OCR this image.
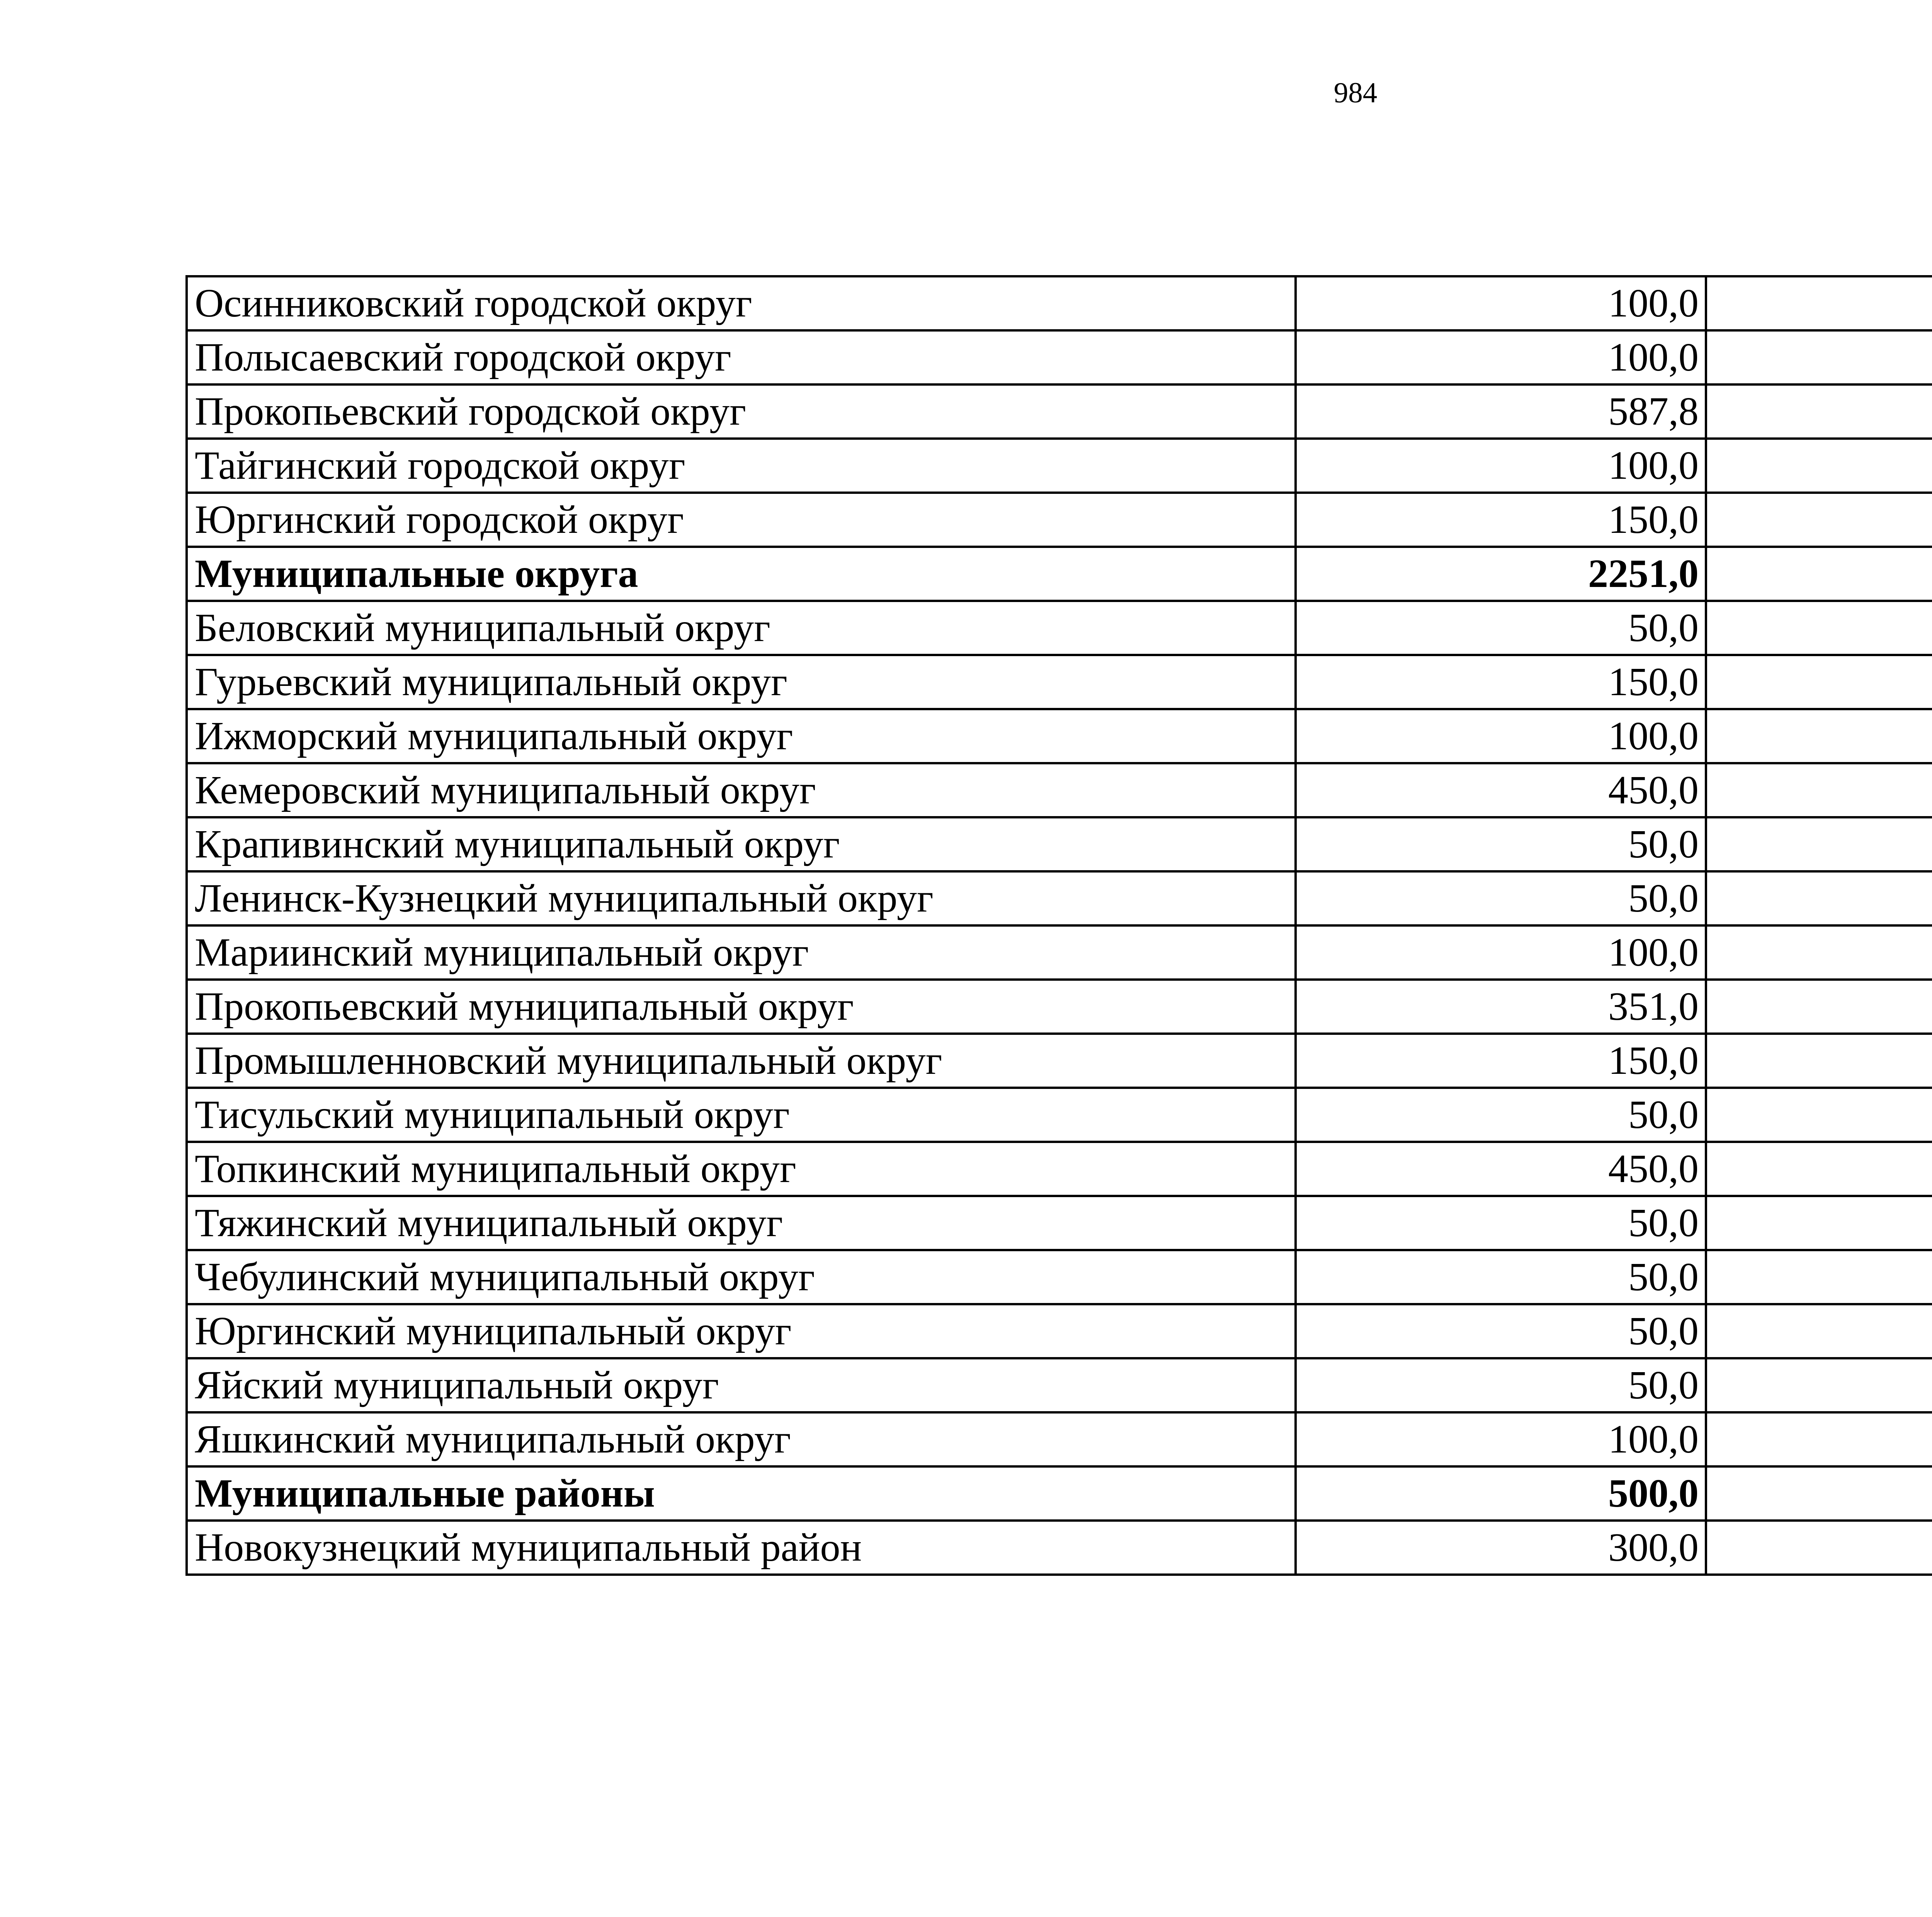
984
Осинниковский городской округ	100,0		
Полысаевский городской округ	100,0		
Прокопьевский городской округ	587,8		
Тайгинский городской округ	100,0		
Юргинский городской округ	150,0		
Муниципальные округа	2251,0		
Беловский муниципальный округ	50,0		
Гурьевский муниципальный округ	150,0		
Ижморский муниципальный округ	100,0		
Кемеровский муниципальный округ	450,0		
Крапивинский муниципальный округ	50,0		
Ленинск-Кузнецкий муниципальный округ	50,0		
Мариинский муниципальный округ	100,0		
Прокопьевский муниципальный округ	351,0		
Промышленновский муниципальный округ	150,0		
Тисульский муниципальный округ	50,0		
Топкинский муниципальный округ	450,0		
Тяжинский муниципальный округ	50,0		
Чебулинский муниципальный округ	50,0		
Юргинский муниципальный округ	50,0		
Яйский муниципальный округ	50,0		
Яшкинский муниципальный округ	100,0		
Муниципальные районы	500,0		
Новокузнецкий муниципальный район	300,0		
